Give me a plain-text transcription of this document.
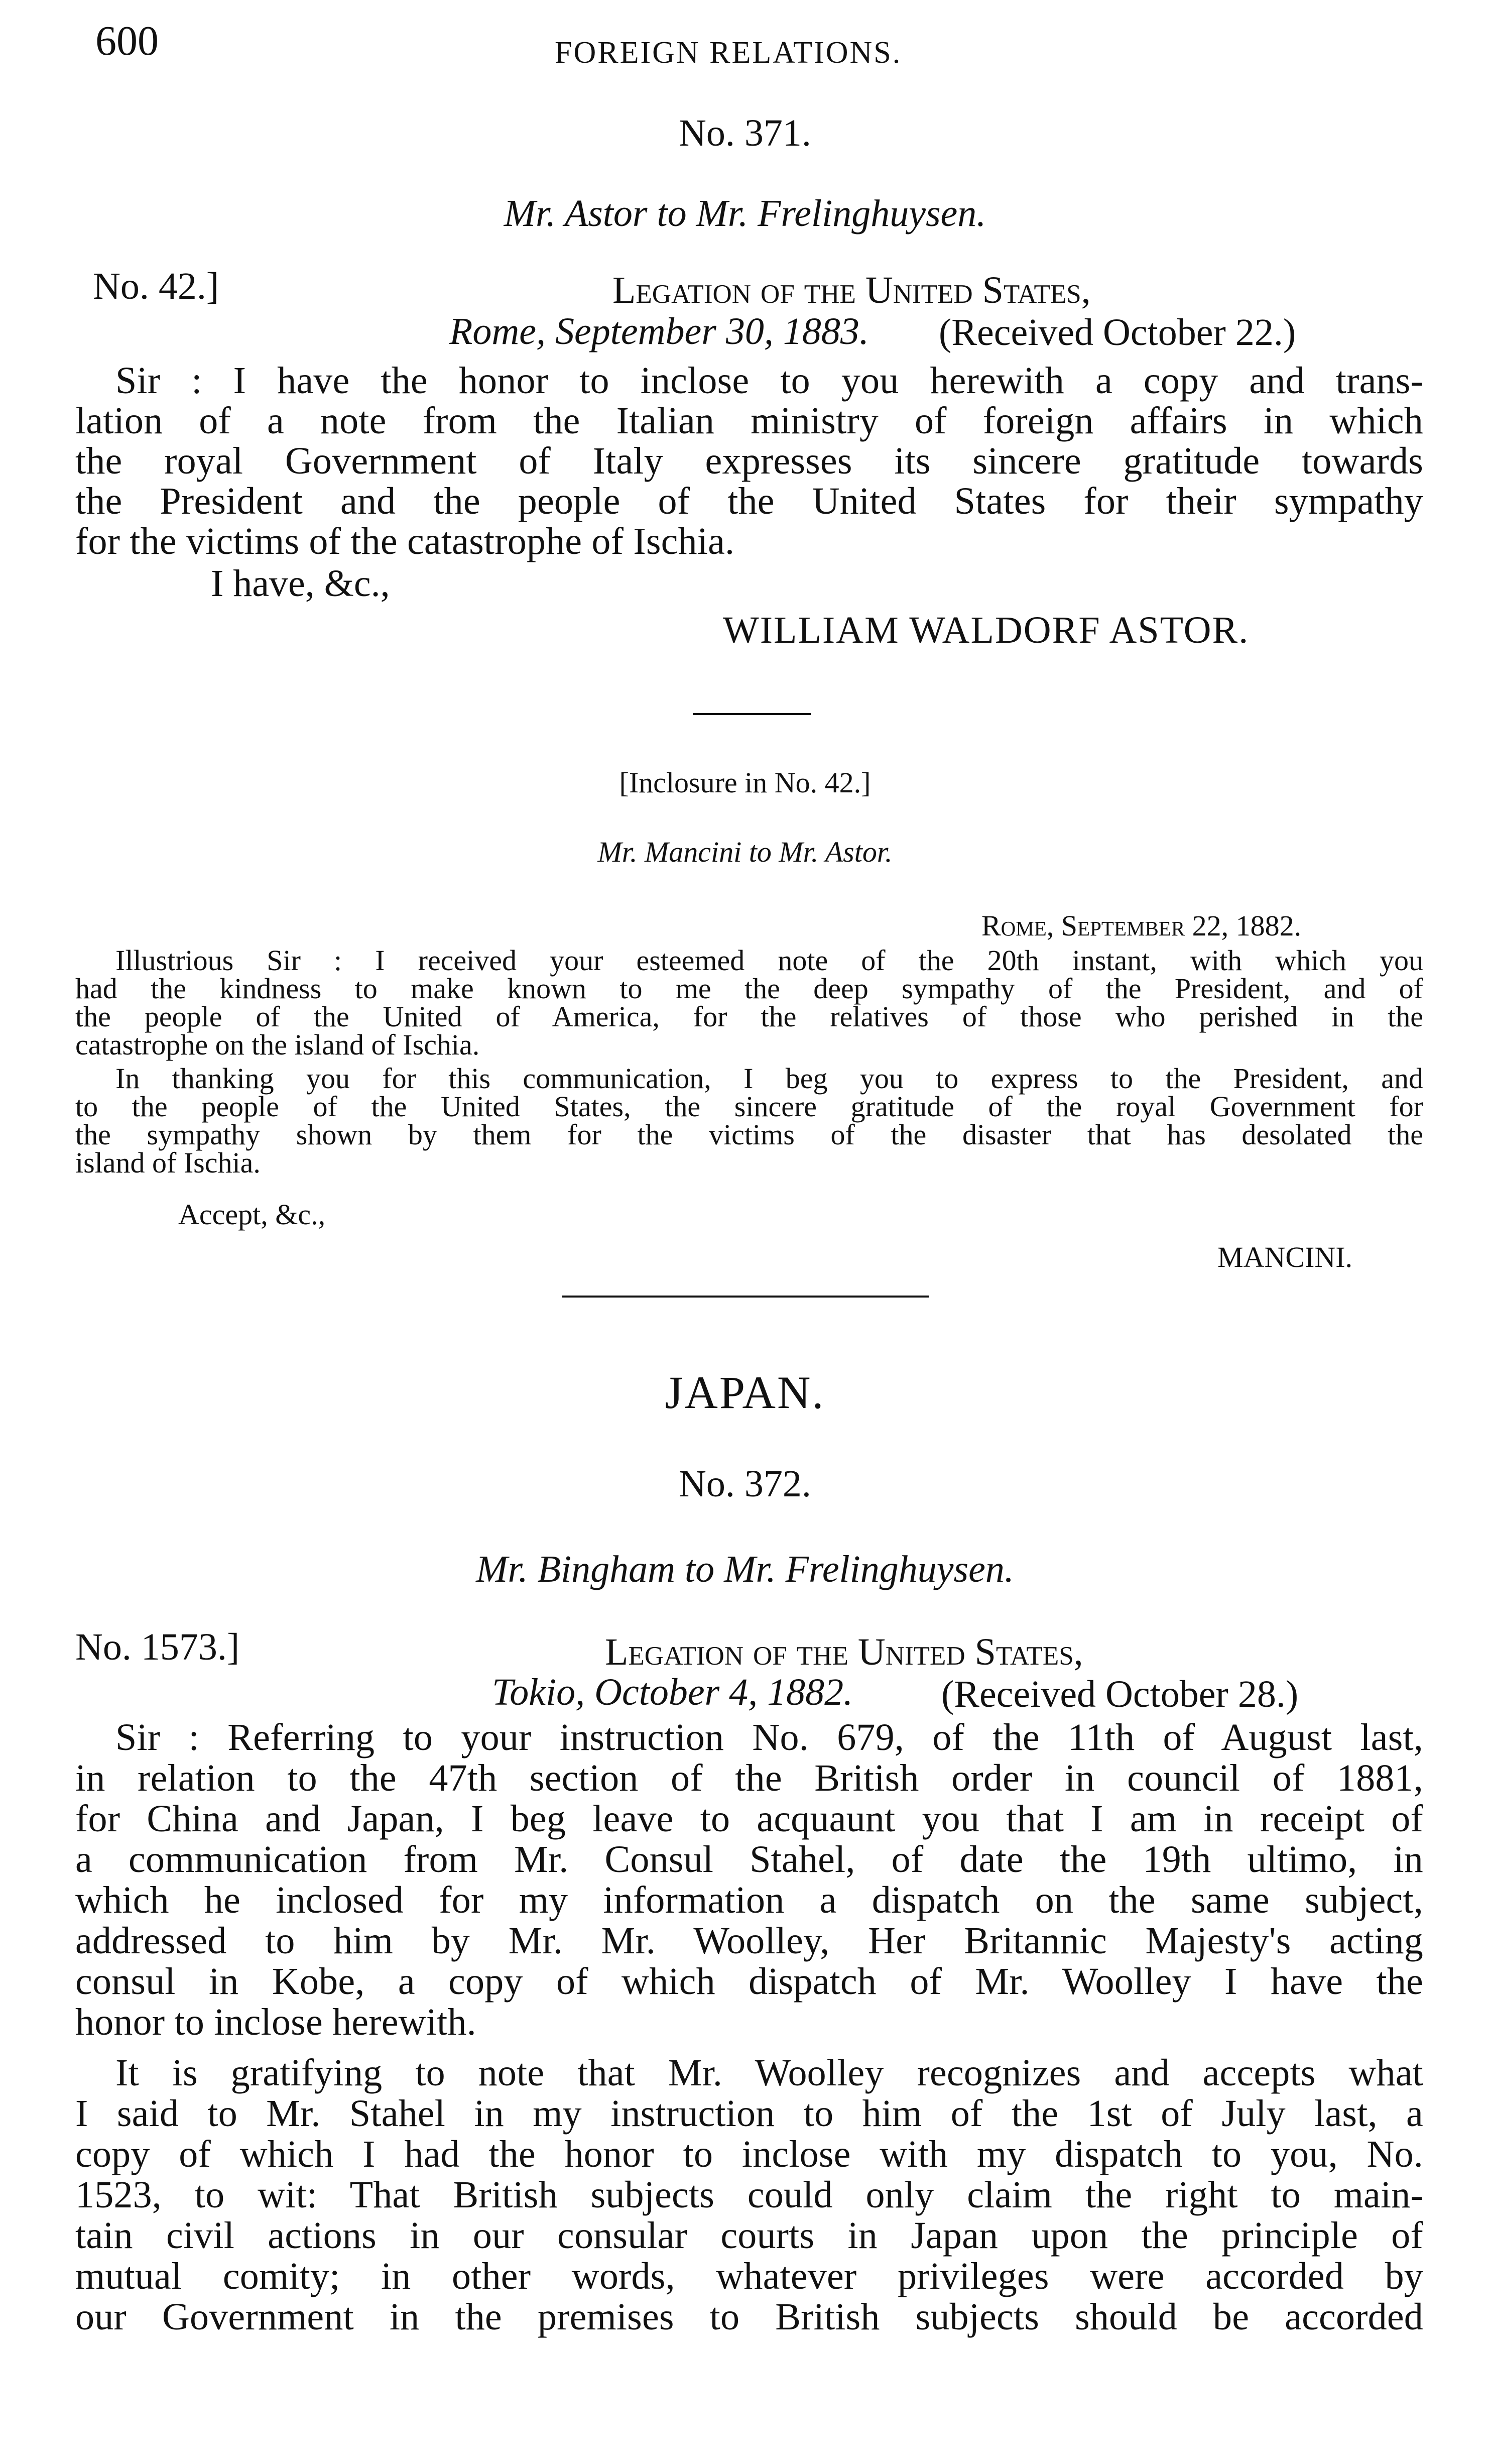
600	FOREIGN RELATIONS.
No. 371.
Mr. Astor to Mr. Frelinghuysen.
No. 42.]	Legation of the United States,
Rome, September 30, 1883. (Received October 22.)
Sir : I have the honor to inclose to you herewith a copy and trans-
lation of a note from the Italian ministry of foreign affairs in which
the royal Government of Italy expresses its sincere gratitude towards
the President and the people of the United States for their sympathy
for the victims of the catastrophe of Ischia.
I have, &c.,
WILLIAM WALDORF ASTOR.
[Inclosure in No. 42.]
Mr. Mancini to Mr. Astor.
Rome, September 22, 1882.
Illustrious Sir : I received your esteemed note of the 20th instant, with which you
had the kindness to make known to me the deep sympathy of the President, and of
the people of the United of America, for the relatives of those who perished in the
catastrophe on the island of Ischia.
In thanking you for this communication, I beg you to express to the President, and
to the people of the United States, the sincere gratitude of the royal Government for
the sympathy shown by them for the victims of the disaster that has desolated the
island of Ischia.
Accept, &c.,
MANCINI.
JAPAN.
No. 372.
Mr. Bingham to Mr. Frelinghuysen.
No. 1573.]	Legation of the United States,
Tokio, October 4, 1882. (Received October 28.)
Sir : Referring to your instruction No. 679, of the 11th of August last,
in relation to the 47th section of the British order in council of 1881,
for China and Japan, I beg leave to acquaunt you that I am in receipt of
a communication from Mr. Consul Stahel, of date the 19th ultimo, in
which he inclosed for my information a dispatch on the same subject,
addressed to him by Mr. Mr. Woolley, Her Britannic Majesty's acting
consul in Kobe, a copy of which dispatch of Mr. Woolley I have the
honor to inclose herewith.
It is gratifying to note that Mr. Woolley recognizes and accepts what
I said to Mr. Stahel in my instruction to him of the 1st of July last, a
copy of which I had the honor to inclose with my dispatch to you, No.
1523, to wit: That British subjects could only claim the right to main-
tain civil actions in our consular courts in Japan upon the principle of
mutual comity; in other words, whatever privileges were accorded by
our Government in the premises to British subjects should be accorded
